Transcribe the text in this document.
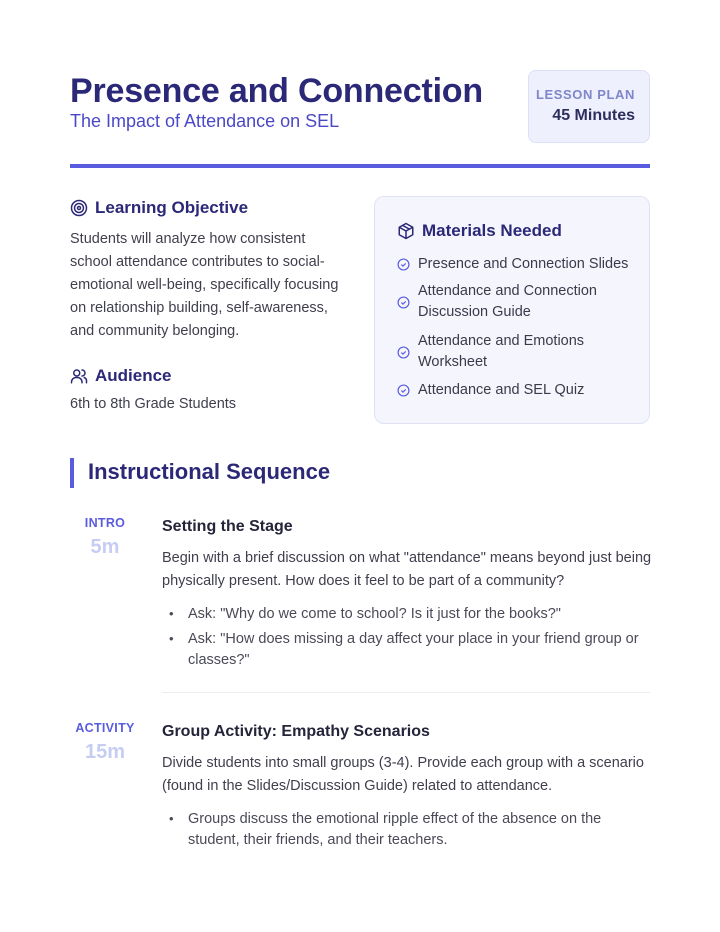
Presence and Connection
The Impact of Attendance on SEL
LESSON PLAN
45 Minutes
Learning Objective
Students will analyze how consistent school attendance contributes to social-emotional well-being, specifically focusing on relationship building, self-awareness, and community belonging.
Audience
6th to 8th Grade Students
Materials Needed
Presence and Connection Slides
Attendance and Connection Discussion Guide
Attendance and Emotions Worksheet
Attendance and SEL Quiz
Instructional Sequence
INTRO
5m
Setting the Stage
Begin with a brief discussion on what "attendance" means beyond just being physically present. How does it feel to be part of a community?
• Ask: "Why do we come to school? Is it just for the books?"
• Ask: "How does missing a day affect your place in your friend group or classes?"
ACTIVITY
15m
Group Activity: Empathy Scenarios
Divide students into small groups (3-4). Provide each group with a scenario (found in the Slides/Discussion Guide) related to attendance.
• Groups discuss the emotional ripple effect of the absence on the student, their friends, and their teachers.
